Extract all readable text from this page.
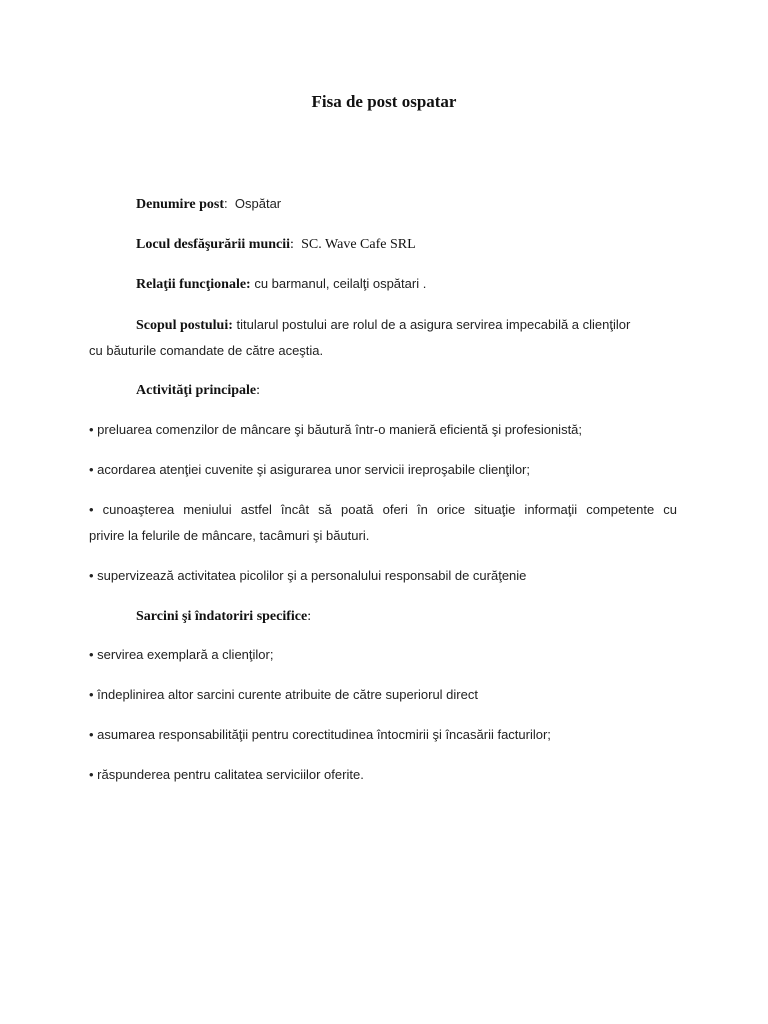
Fisa de post ospatar
Denumire post: Ospătar
Locul desfăşurării muncii: SC. Wave Cafe SRL
Relaţii funcţionale: cu barmanul, ceilalţi ospătari .
Scopul postului: titularul postului are rolul de a asigura servirea impecabilă a clienţilor
cu băuturile comandate de către aceştia.
Activităţi principale:
• preluarea comenzilor de mâncare şi băutură într-o manieră eficientă şi profesionistă;
• acordarea atenţiei cuvenite şi asigurarea unor servicii ireproşabile clienţilor;
• cunoaşterea meniului astfel încât să poată oferi în orice situaţie informaţii competente cu
privire la felurile de mâncare, tacâmuri şi băuturi.
• supervizează activitatea picolilor şi a personalului responsabil de curăţenie
Sarcini şi îndatoriri specifice:
• servirea exemplară a clienţilor;
• îndeplinirea altor sarcini curente atribuite de către superiorul direct
• asumarea responsabilităţii pentru corectitudinea întocmirii şi încasării facturilor;
• răspunderea pentru calitatea serviciilor oferite.
